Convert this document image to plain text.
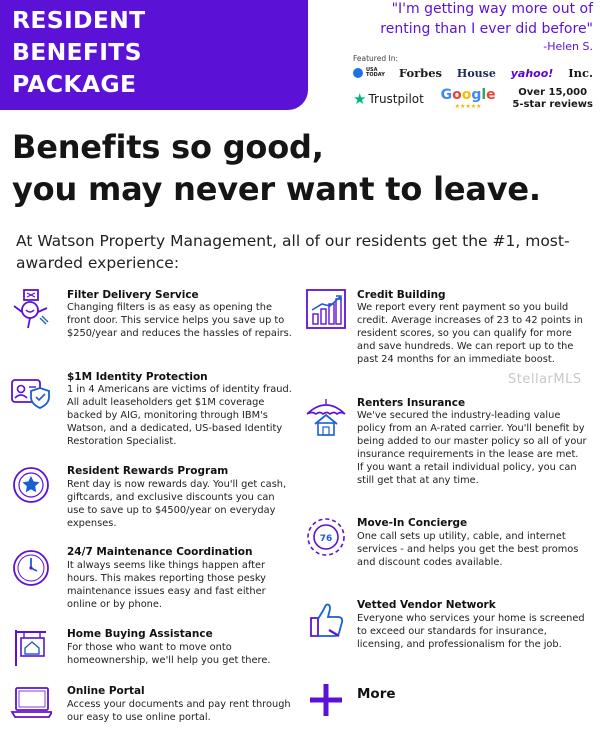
RESIDENT
BENEFITS
PACKAGE
"I'm getting way more out of
renting than I ever did before"
-Helen S.
Featured In:
USA TODAY Forbes House yahoo! Inc.
★ Trustpilot Google
★★★★★
Over 15,000
5-star reviews
Benefits so good,
you may never want to leave.
At Watson Property Management, all of our residents get the #1, most-awarded experience:
Filter Delivery Service
Changing filters is as easy as opening the front door. This service helps you save up to $250/year and reduces the hassles of repairs.
$1M Identity Protection
1 in 4 Americans are victims of identity fraud. All adult leaseholders get $1M coverage backed by AIG, monitoring through IBM's Watson, and a dedicated, US-based Identity Restoration Specialist.
Resident Rewards Program
Rent day is now rewards day. You'll get cash, giftcards, and exclusive discounts you can use to save up to $4500/year on everyday expenses.
24/7 Maintenance Coordination
It always seems like things happen after hours. This makes reporting those pesky maintenance issues easy and fast either online or by phone.
Home Buying Assistance
For those who want to move onto homeownership, we'll help you get there.
Online Portal
Access your documents and pay rent through our easy to use online portal.
Credit Building
We report every rent payment so you build credit. Average increases of 23 to 42 points in resident scores, so you can qualify for more and save hundreds. We can report up to the past 24 months for an immediate boost.
Renters Insurance
We've secured the industry-leading value policy from an A-rated carrier. You'll benefit by being added to our master policy so all of your insurance requirements in the lease are met. If you want a retail individual policy, you can still get that at any time.
76
Move-In Concierge
One call sets up utility, cable, and internet services - and helps you get the best promos and discount codes available.
Vetted Vendor Network
Everyone who services your home is screened to exceed our standards for insurance, licensing, and professionalism for the job.
More
StellarMLS
